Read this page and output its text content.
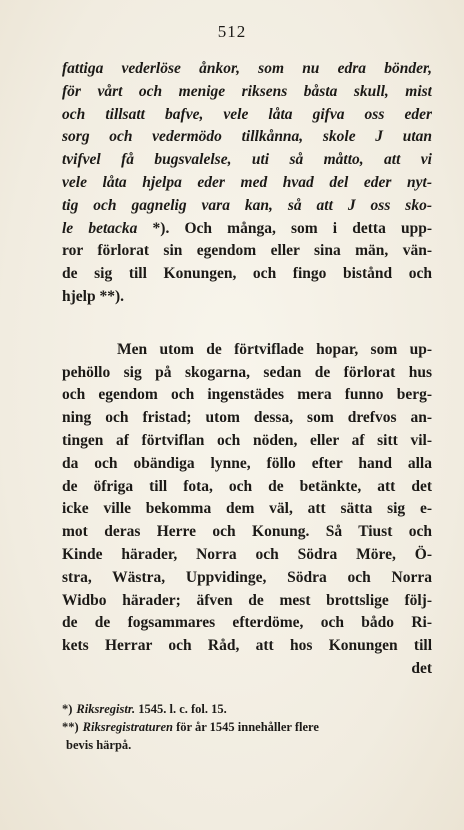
512
fattiga vederlöse ånkor, som nu edra bönder,
för vårt och menige riksens båsta skull, mist
och tillsatt bafve, vele låta gifva oss eder
sorg och vedermödo tillkånna, skole J utan
tvifvel få bugsvalelse, uti så måtto, att vi
vele låta hjelpa eder med hvad del eder nyt-
tig och gagnelig vara kan, så att J oss sko-
le betacka *). Och många, som i detta upp-
ror förlorat sin egendom eller sina män, vän-
de sig till Konungen, och fingo bistånd och
hjelp **).
Men utom de förtviflade hopar, som up-
pehöllo sig på skogarna, sedan de förlorat hus
och egendom och ingenstädes mera funno berg-
ning och fristad; utom dessa, som drefvos an-
tingen af förtviflan och nöden, eller af sitt vil-
da och obändiga lynne, föllo efter hand alla
de öfriga till fota, och de betänkte, att det
icke ville bekomma dem väl, att sätta sig e-
mot deras Herre och Konung. Så Tiust och
Kinde härader, Norra och Södra Möre, Ö-
stra, Wästra, Uppvidinge, Södra och Norra
Widbo härader; äfven de mest brottslige följ-
de de fogsammares efterdöme, och bådo Ri-
kets Herrar och Råd, att hos Konungen till
det
*) Riksregistr. 1545. l. c. fol. 15.
**) Riksregistraturen för år 1545 innehåller flere
bevis härpå.
